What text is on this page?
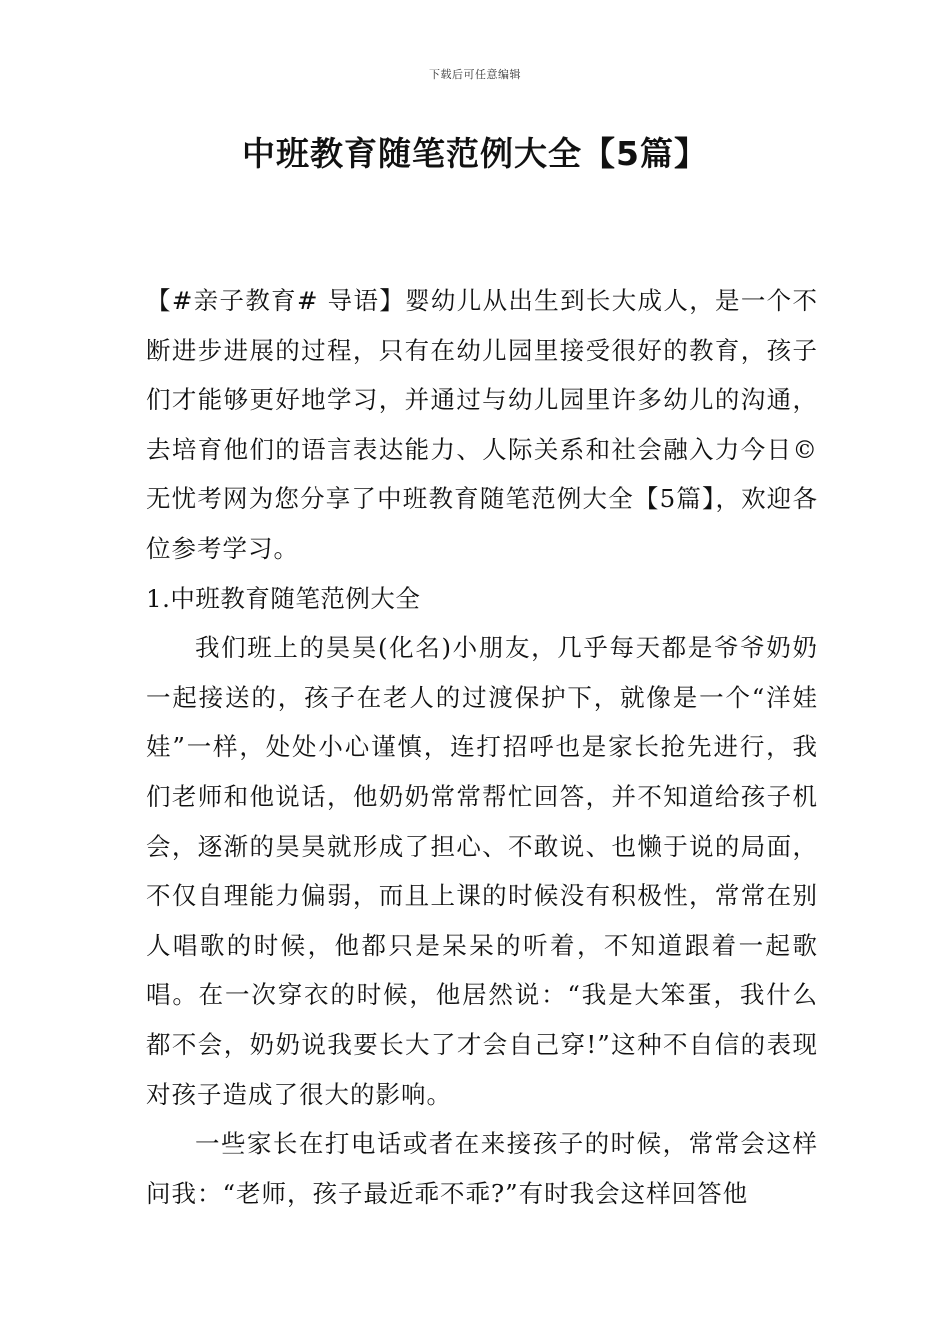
下载后可任意编辑
中班教育随笔范例大全【5篇】

【#亲子教育# 导语】婴幼儿从出生到长大成人，是一个不断进步进展的过程，只有在幼儿园里接受很好的教育，孩子们才能够更好地学习，并通过与幼儿园里许多幼儿的沟通，去培育他们的语言表达能力、人际关系和社会融入力今日©无忧考网为您分享了中班教育随笔范例大全【5篇】，欢迎各位参考学习。

1.中班教育随笔范例大全

我们班上的昊昊(化名)小朋友，几乎每天都是爷爷奶奶一起接送的，孩子在老人的过渡保护下，就像是一个“洋娃娃”一样，处处小心谨慎，连打招呼也是家长抢先进行，我们老师和他说话，他奶奶常常帮忙回答，并不知道给孩子机会，逐渐的昊昊就形成了担心、不敢说、也懒于说的局面，不仅自理能力偏弱，而且上课的时候没有积极性，常常在别人唱歌的时候，他都只是呆呆的听着，不知道跟着一起歌唱。在一次穿衣的时候，他居然说：“我是大笨蛋，我什么都不会，奶奶说我要长大了才会自己穿!”这种不自信的表现对孩子造成了很大的影响。

一些家长在打电话或者在来接孩子的时候，常常会这样问我：“老师，孩子最近乖不乖?”有时我会这样回答他
